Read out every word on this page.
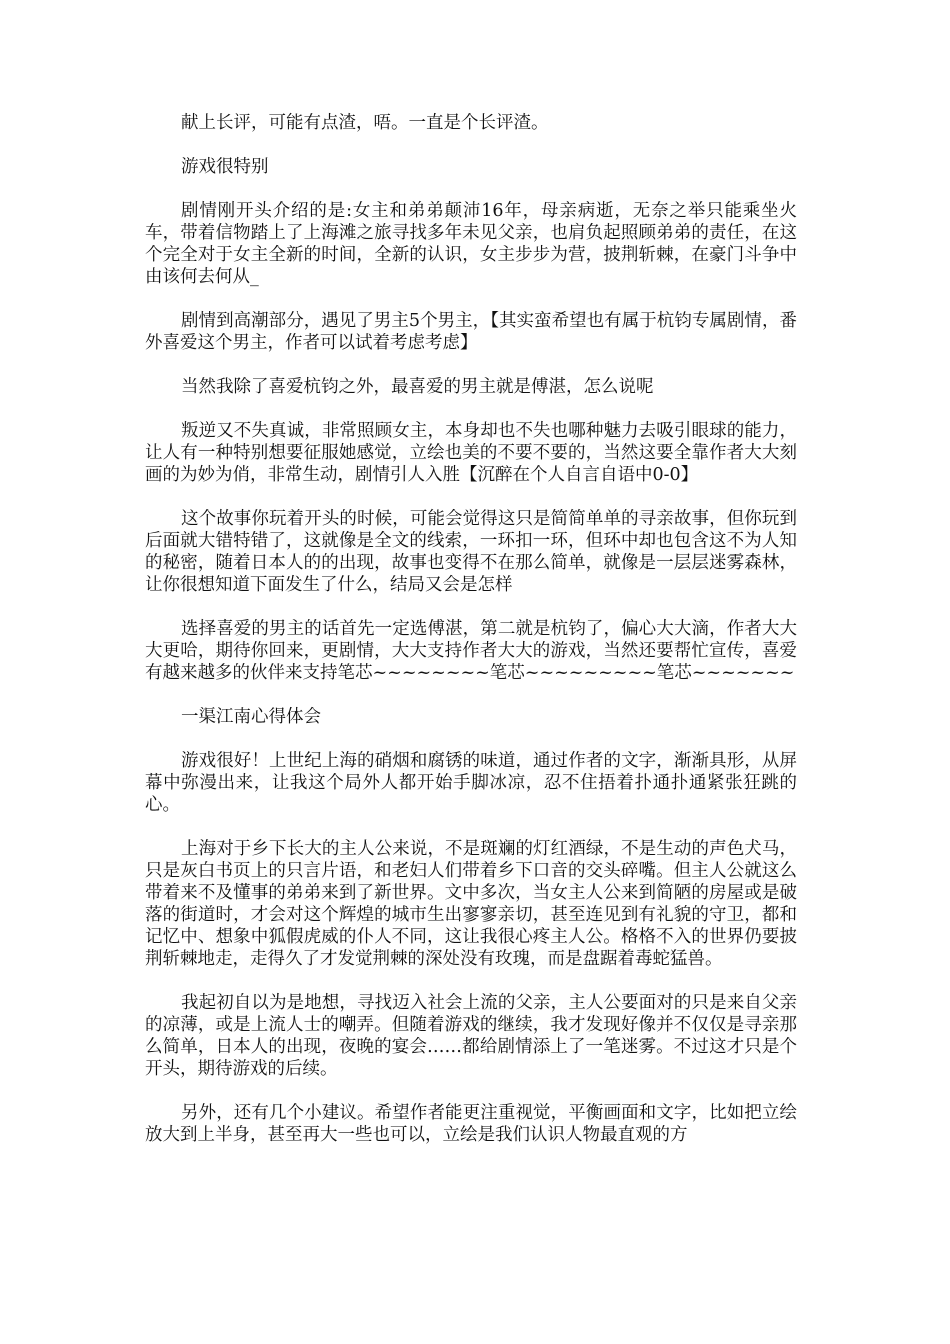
献上长评，可能有点渣，唔。一直是个长评渣。

游戏很特别

剧情刚开头介绍的是:女主和弟弟颠沛16年，母亲病逝，无奈之举只能乘坐火车，带着信物踏上了上海滩之旅寻找多年未见父亲，也肩负起照顾弟弟的责任，在这个完全对于女主全新的时间，全新的认识，女主步步为营，披荆斩棘，在豪门斗争中由该何去何从_

剧情到高潮部分，遇见了男主5个男主，【其实蛮希望也有属于杭钧专属剧情，番外喜爱这个男主，作者可以试着考虑考虑】

当然我除了喜爱杭钧之外，最喜爱的男主就是傅湛，怎么说呢

叛逆又不失真诚，非常照顾女主，本身却也不失也哪种魅力去吸引眼球的能力，让人有一种特别想要征服她感觉，立绘也美的不要不要的，当然这要全靠作者大大刻画的为妙为俏，非常生动，剧情引人入胜【沉醉在个人自言自语中0-0】

这个故事你玩着开头的时候，可能会觉得这只是简简单单的寻亲故事，但你玩到后面就大错特错了，这就像是全文的线索，一环扣一环，但环中却也包含这不为人知的秘密，随着日本人的的出现，故事也变得不在那么简单，就像是一层层迷雾森林，让你很想知道下面发生了什么，结局又会是怎样

选择喜爱的男主的话首先一定选傅湛，第二就是杭钧了，偏心大大滴，作者大大大更哈，期待你回来，更剧情，大大支持作者大大的游戏，当然还要帮忙宣传，喜爱有越来越多的伙伴来支持笔芯~~~~~~~~笔芯~~~~~~~~~笔芯~~~~~~~

一渠江南心得体会

游戏很好！上世纪上海的硝烟和腐锈的味道，通过作者的文字，渐渐具形，从屏幕中弥漫出来，让我这个局外人都开始手脚冰凉，忍不住捂着扑通扑通紧张狂跳的心。

上海对于乡下长大的主人公来说，不是斑斓的灯红酒绿，不是生动的声色犬马，只是灰白书页上的只言片语，和老妇人们带着乡下口音的交头碎嘴。但主人公就这么带着来不及懂事的弟弟来到了新世界。文中多次，当女主人公来到简陋的房屋或是破落的街道时，才会对这个辉煌的城市生出寥寥亲切，甚至连见到有礼貌的守卫，都和记忆中、想象中狐假虎威的仆人不同，这让我很心疼主人公。格格不入的世界仍要披荆斩棘地走，走得久了才发觉荆棘的深处没有玫瑰，而是盘踞着毒蛇猛兽。

我起初自以为是地想，寻找迈入社会上流的父亲，主人公要面对的只是来自父亲的凉薄，或是上流人士的嘲弄。但随着游戏的继续，我才发现好像并不仅仅是寻亲那么简单，日本人的出现，夜晚的宴会……都给剧情添上了一笔迷雾。不过这才只是个开头，期待游戏的后续。

另外，还有几个小建议。希望作者能更注重视觉，平衡画面和文字，比如把立绘放大到上半身，甚至再大一些也可以，立绘是我们认识人物最直观的方
